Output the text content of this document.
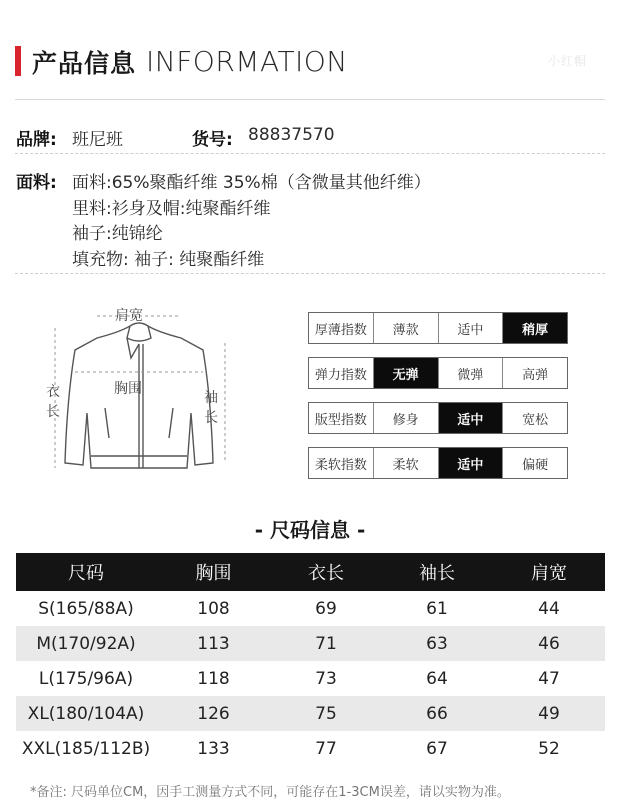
产品信息 INFORMATION	小红帽
品牌: 班尼班	货号: 88837570
面料: 面料:65%聚酯纤维 35%棉（含微量其他纤维）
里料:衫身及帽:纯聚酯纤维
袖子:纯锦纶
填充物: 袖子: 纯聚酯纤维
肩宽
胸围
衣长
袖长
厚薄指数	薄款	适中	稍厚
弹力指数	无弹	微弹	高弹
版型指数	修身	适中	宽松
柔软指数	柔软	适中	偏硬
- 尺码信息 -
尺码	胸围	衣长	袖长	肩宽
S(165/88A)	108	69	61	44
M(170/92A)	113	71	63	46
L(175/96A)	118	73	64	47
XL(180/104A)	126	75	66	49
XXL(185/112B)	133	77	67	52
*备注: 尺码单位CM，因手工测量方式不同，可能存在1-3CM误差，请以实物为准。
